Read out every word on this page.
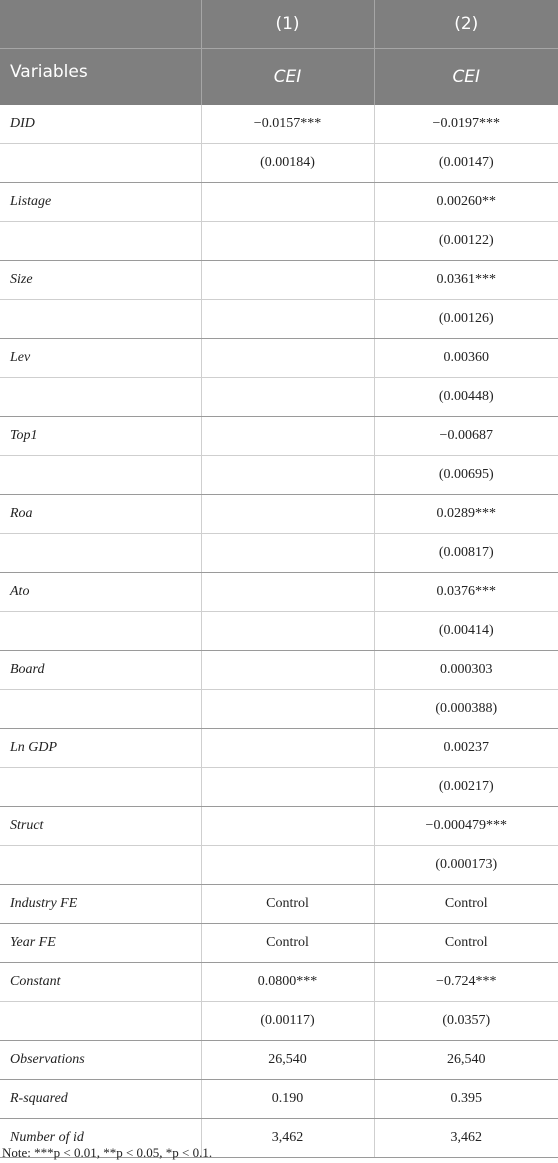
	(1)	(2)
Variables	CEI	CEI
DID	−0.0157***	−0.0197***
	(0.00184)	(0.00147)
Listage		0.00260**
		(0.00122)
Size		0.0361***
		(0.00126)
Lev		0.00360
		(0.00448)
Top1		−0.00687
		(0.00695)
Roa		0.0289***
		(0.00817)
Ato		0.0376***
		(0.00414)
Board		0.000303
		(0.000388)
Ln GDP		0.00237
		(0.00217)
Struct		−0.000479***
		(0.000173)
Industry FE	Control	Control
Year FE	Control	Control
Constant	0.0800***	−0.724***
	(0.00117)	(0.0357)
Observations	26,540	26,540
R-squared	0.190	0.395
Number of id	3,462	3,462
Note: ***p < 0.01, **p < 0.05, *p < 0.1.
